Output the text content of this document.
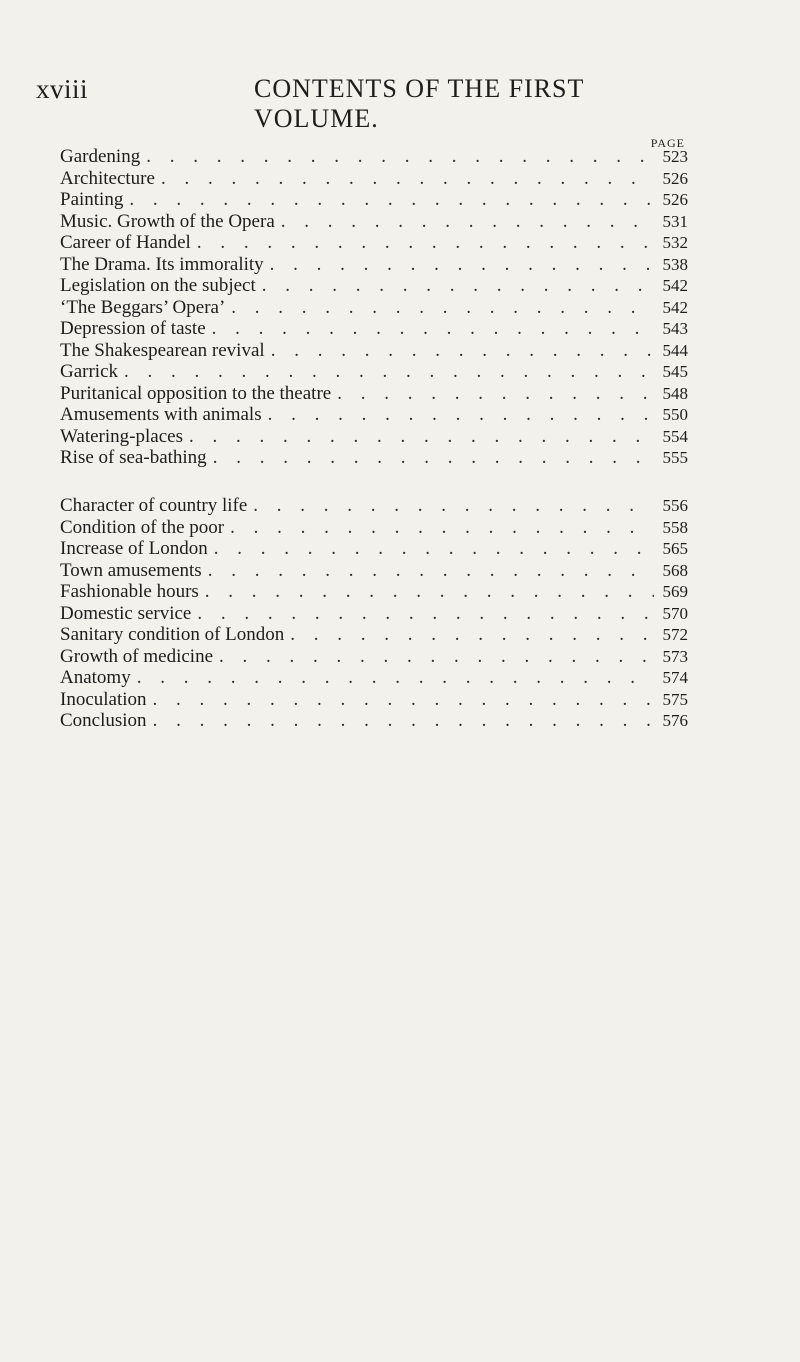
xviii	CONTENTS OF THE FIRST VOLUME.
PAGE
Gardening . . .	523
Architecture . . .	526
Painting . . .	526
Music. Growth of the Opera . . .	531
Career of Handel . . .	532
The Drama. Its immorality . . .	538
Legislation on the subject . . .	542
‘The Beggars’ Opera’ . . .	542
Depression of taste . . .	543
The Shakespearean revival . . .	544
Garrick . . .	545
Puritanical opposition to the theatre . . .	548
Amusements with animals . . .	550
Watering-places . . .	554
Rise of sea-bathing . . .	555
Character of country life . . .	556
Condition of the poor . . .	558
Increase of London . . .	565
Town amusements . . .	568
Fashionable hours . . .	569
Domestic service . . .	570
Sanitary condition of London . . .	572
Growth of medicine . . .	573
Anatomy . . .	574
Inoculation . . .	575
Conclusion . . .	576
